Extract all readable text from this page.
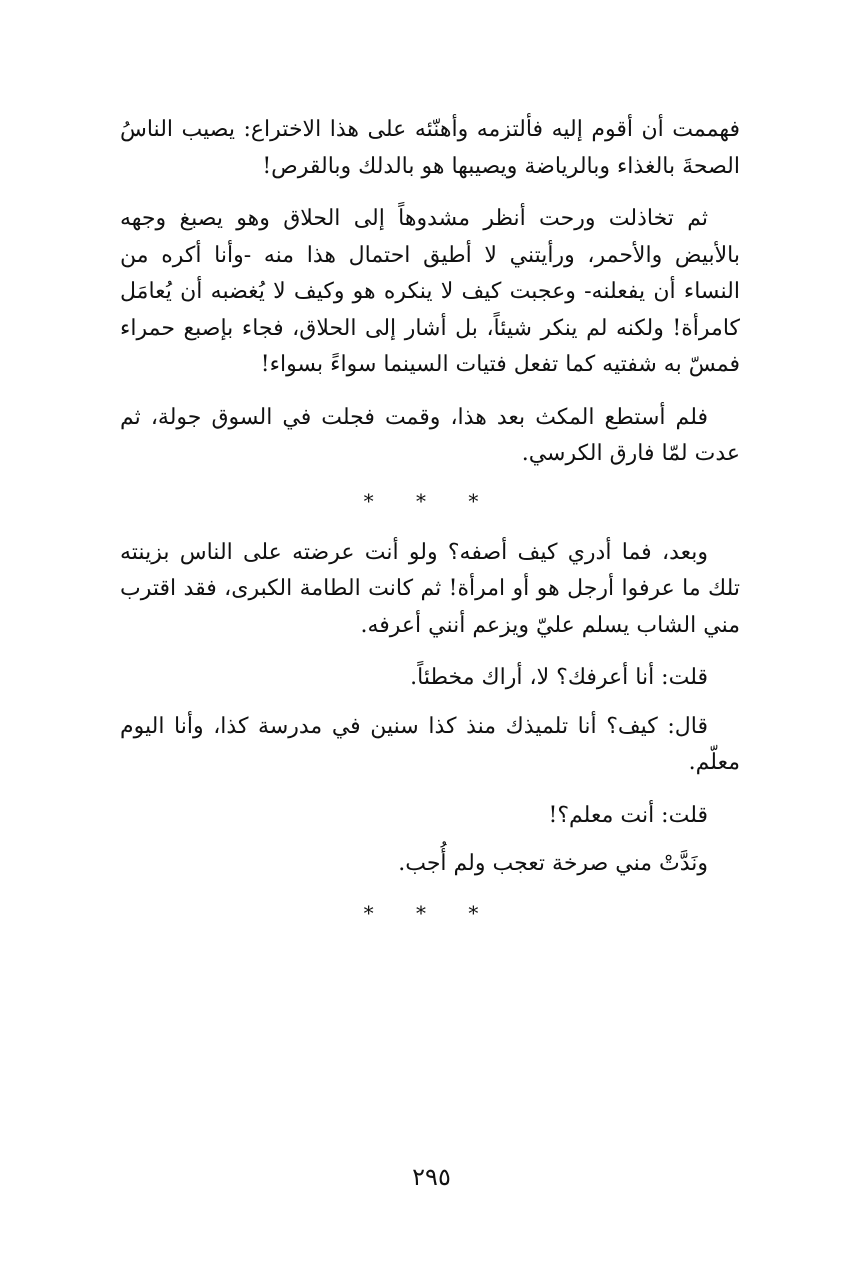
فهممت أن أقوم إليه فألتزمه وأهنّئه على هذا الاختراع: يصيب الناسُ الصحةَ بالغذاء وبالرياضة ويصيبها هو بالدلك وبالقرص!

ثم تخاذلت ورحت أنظر مشدوهاً إلى الحلاق وهو يصبغ وجهه بالأبيض والأحمر، ورأيتني لا أطيق احتمال هذا منه -وأنا أكره من النساء أن يفعلنه- وعجبت كيف لا ينكره هو وكيف لا يُغضبه أن يُعامَل كامرأة! ولكنه لم ينكر شيئاً، بل أشار إلى الحلاق، فجاء بإصبع حمراء فمسّ به شفتيه كما تفعل فتيات السينما سواءً بسواء!

فلم أستطع المكث بعد هذا، وقمت فجلت في السوق جولة، ثم عدت لمّا فارق الكرسي.

* * *

وبعد، فما أدري كيف أصفه؟ ولو أنت عرضته على الناس بزينته تلك ما عرفوا أرجل هو أو امرأة! ثم كانت الطامة الكبرى، فقد اقترب مني الشاب يسلم عليّ ويزعم أنني أعرفه.

قلت: أنا أعرفك؟ لا، أراك مخطئاً.

قال: كيف؟ أنا تلميذك منذ كذا سنين في مدرسة كذا، وأنا اليوم معلّم.

قلت: أنت معلم؟!

ونَدَّتْ مني صرخة تعجب ولم أُجب.

* * *
٢٩٥
